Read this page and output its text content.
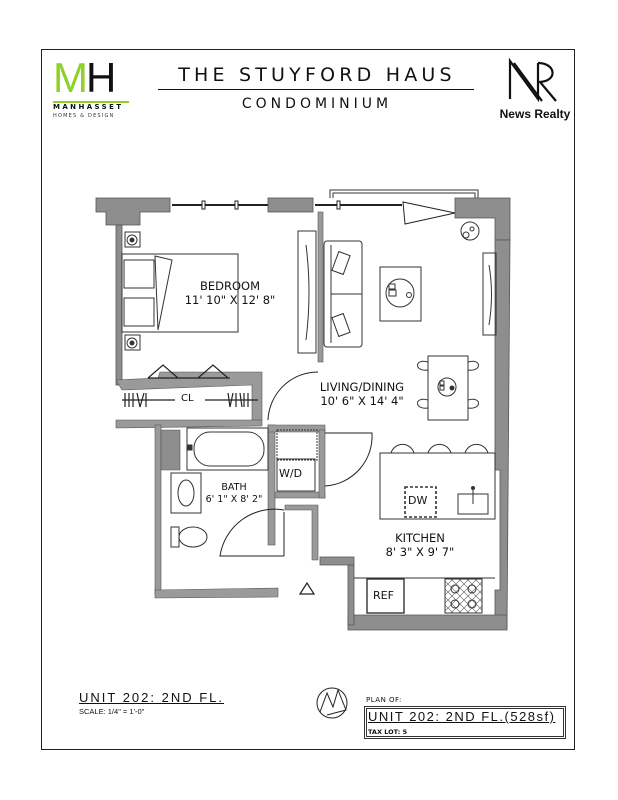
MH
MANHASSET
HOMES & DESIGN
THE STUYFORD HAUS
CONDOMINIUM
News Realty
BEDROOM
11' 10" X 12' 8"
LIVING/DINING
10' 6" X 14' 4"
BATH
6' 1" X 8' 2"
KITCHEN
8' 3" X 9' 7"
CL
W/D
DW
REF
UNIT 202: 2ND FL.
SCALE: 1/4" = 1'-0"
PLAN OF:
UNIT 202: 2ND FL.(528sf)
TAX LOT: 5
